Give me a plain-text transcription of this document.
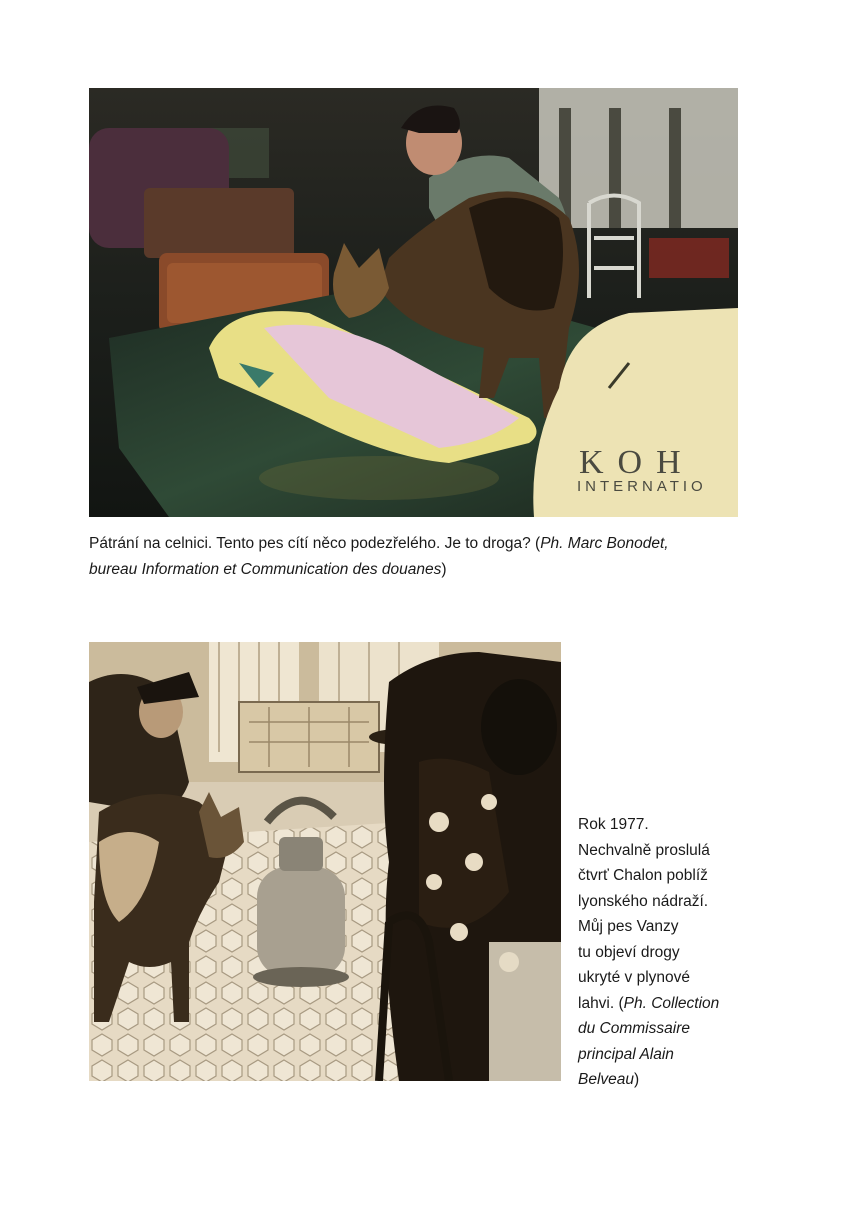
KOH
INTERNATIO
Pátrání na celnici. Tento pes cítí něco podezřelého. Je to droga? (Ph. Marc Bonodet,
bureau Information et Communication des douanes)
Rok 1977.
Nechvalně proslulá
čtvrť Chalon poblíž
lyonského nádraží.
Můj pes Vanzy
tu objeví drogy
ukryté v plynové
lahvi. (Ph. Collection
du Commissaire
principal Alain
Belveau)
